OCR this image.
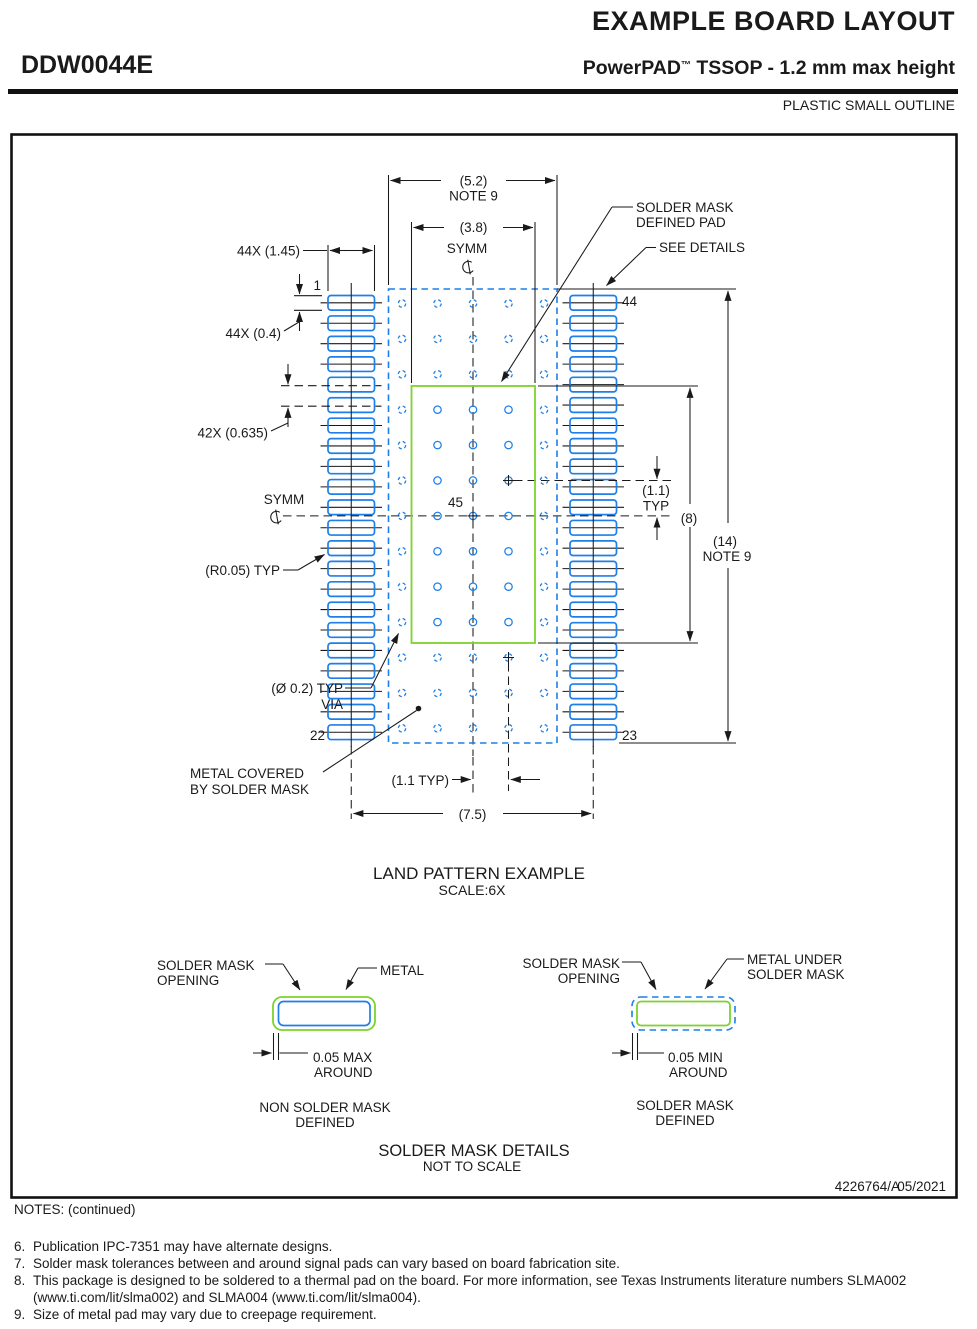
EXAMPLE BOARD LAYOUT
DDW0044E	PowerPAD™ TSSOP - 1.2 mm max height
PLASTIC SMALL OUTLINE
(5.2)
NOTE 9
(3.8)
SYMM
44X (1.45)
1
44X (0.4)
42X (0.635)
SOLDER MASK
DEFINED PAD
SEE DETAILS
44
(1.1)
TYP
(8)
(14)
NOTE 9
SYMM
(R0.05) TYP
45
(Ø 0.2) TYP
VIA
22	23
METAL COVERED
BY SOLDER MASK
(1.1 TYP)
(7.5)
LAND PATTERN EXAMPLE
SCALE:6X
SOLDER MASK
OPENING
METAL
0.05 MAX
AROUND
NON SOLDER MASK
DEFINED
SOLDER MASK
OPENING
METAL UNDER
SOLDER MASK
0.05 MIN
AROUND
SOLDER MASK
DEFINED
SOLDER MASK DETAILS
NOT TO SCALE
4226764/A
05/2021
NOTES: (continued)
6. Publication IPC-7351 may have alternate designs.
7. Solder mask tolerances between and around signal pads can vary based on board fabrication site.
8. This package is designed to be soldered to a thermal pad on the board. For more information, see Texas Instruments literature numbers SLMA002 (www.ti.com/lit/slma002) and SLMA004 (www.ti.com/lit/slma004).
9. Size of metal pad may vary due to creepage requirement.
